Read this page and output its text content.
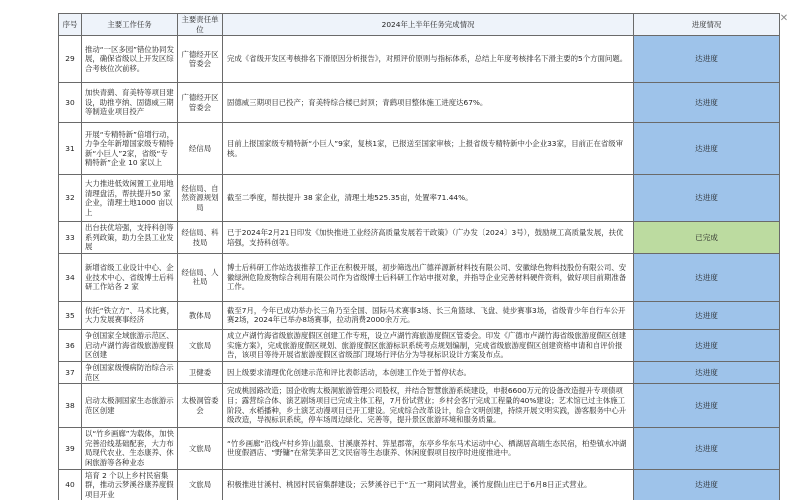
✕
序号	主要工作任务	主要责任单位	2024年上半年任务完成情况	进度情况
29	推动“一区多园”错位协同发展，确保省级以上开发区综合考核位次前移。	广德经开区管委会	完成《省级开发区考核排名下滑原因分析报告》，对照评价原则与指标体系，总结上年度考核排名下滑主要的5个方面问题。	达进度
30	加快青鹞、育美特等项目建设，助推亨纳、固德威三期等制造业项目投产	广德经开区管委会	固德威三期项目已投产；育美特综合楼已封顶；青鹞项目整体施工进度达67%。	达进度
31	开展“专精特新”倍增行动，力争全年新增国家级专精特新“小巨人”2家，省级“专精特新”企业 10 家以上	经信局	目前上报国家级专精特新“小巨人”9家，复核1家，已报送至国家审核；上报省级专精特新中小企业33家，目前正在省级审核。	达进度
32	大力推进低效闲置工业用地清理盘活，帮扶提升50 家企业，清理土地1000 亩以上	经信局、自然资源规划局	截至二季度，帮扶提升 38 家企业，清理土地525.35亩，处置率71.44%。	达进度
33	出台扶优培强，支持科创等系列政策，助力全县工业发展	经信局、科技局	已于2024年2月21日印发《加快推进工业经济高质量发展若干政策》（广办发〔2024〕3号），鼓励规工高质量发展，扶优培强，支持科创等。	已完成
34	新增省级工业设计中心、企业技术中心、省级博士后科研工作站各 2 家	经信局、人社局	博士后科研工作站选拔推荐工作正在积极开展，初步筛选出广德祥源新材料技有限公司、安徽绿色物料技股份有限公司、安徽绿洲危险废物综合利用有限公司作为省级博士后科研工作站申报对象，并指导企业完善材料硬件资料，做好项目前期准备工作。	达进度
35	依托“铁立方”、马术比赛，大力发展赛事经济	教体局	截至7月，今年已成功举办长三角乃至全国、国际马术赛事3场、长三角篮球、飞盘、徒步赛事3场，省级青少年自行车公开赛2场，2024年已举办8场赛事，拉动消费2000余万元。	达进度
36	争创国家全域旅游示范区、启动卢湖竹海省级旅游度假区创建	文旅局	成立卢湖竹海省级旅游度假区创建工作专班，设立卢湖竹海旅游度假区管委会。印发《广德市卢湖竹海省级旅游度假区创建实施方案》，完成旅游度假区规划、旅游度假区旅游标识系统考点规划编制，完成省级旅游度假区创建资格申请和自评价报告，该项目等待开展省旅游度假区省级部门现场行评估分为导视标识设计方案及布点。	达进度
37	争创国家级慢病防治综合示范区	卫健委	因上级要求清理优化创建示范和评比表彰活动，本创建工作处于暂停状态。	达进度
38	启动太极洞国家生态旅游示范区创建	太极洞管委会	完成桃园路改造；国企收购太极洞旅游管理公司股权，并结合智慧旅游系统建设，申报6600万元的设备改造提升专项债项目；露营综合体、演艺剧场项目已完成主体工程，7月份试营业；乡村会客厅完成工程量的40%建设；艺术馆已过主体施工阶段、水稻播种，乡土演艺动漫项目已开工建设。完成综合改革设计，综合文明创建，持续开展文明实践，游客服务中心升级改造，导视标识系统，停车场周边绿化、完善等，提升景区旅游环境和服务质量。	达进度
39	以“竹乡画廊”为载体，加快完善沿线基础配套，大力布局现代农业、生态康养、休闲旅游等各种业态	文旅局	“竹乡画廊”沿线卢村乡笄山温泉、甘溪康养村、笄星郡蒂，东亭乡华东马术运动中心、栖湖居高端生态民宿，柏垫镇水冲湖世度假酒店、“野镛”在常笑茅田艺文民宿等生态康养、休闲度假项目按序时进度推进中。	达进度
40	培育 2 个以上乡村民宿集群，推动云梦溪谷康养度假项目开业	文旅局	积极推进甘溪村、桃园村民宿集群建设；云梦溪谷已于“五一”期间试营业，溪竹度假山庄已于6月8日正式营业。	达进度
